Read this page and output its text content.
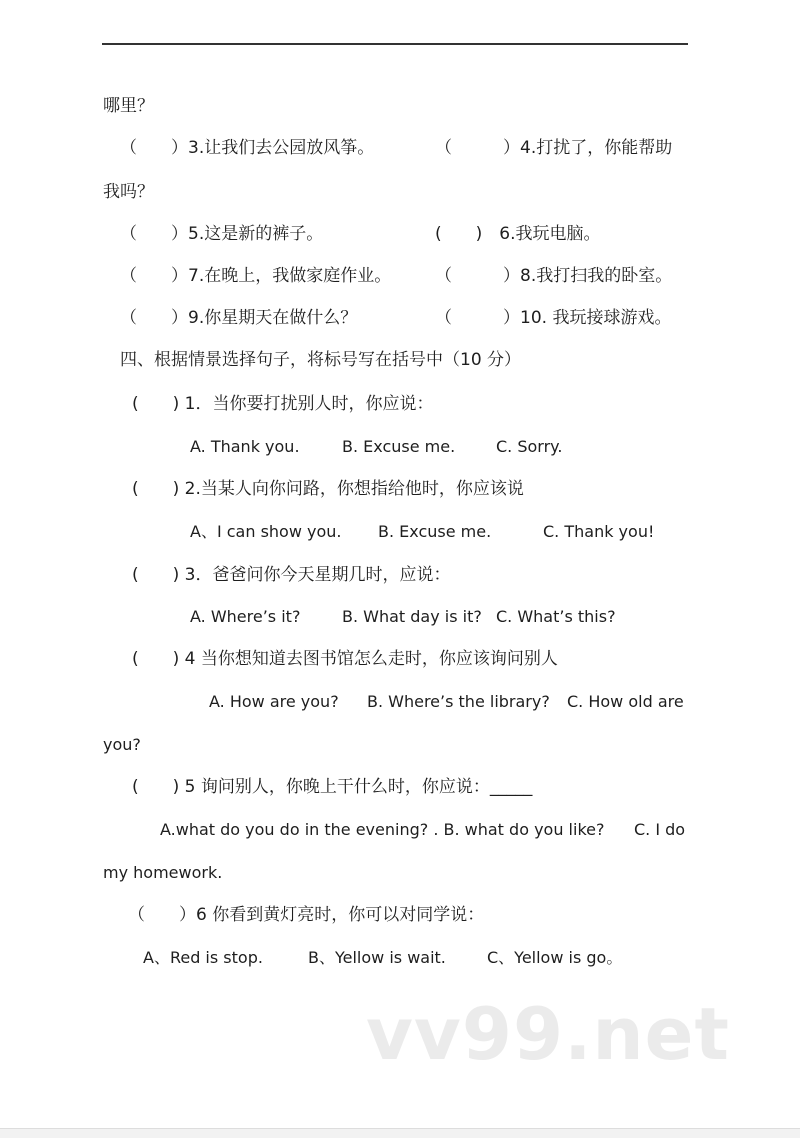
哪里？
（　　）3.让我们去公园放风筝。	（　　　）4.打扰了，你能帮助
我吗？
（　　）5.这是新的裤子。	(　　)　6.我玩电脑。
（　　）7.在晚上，我做家庭作业。	（　　　）8.我打扫我的卧室。
（　　）9.你星期天在做什么？	（　　　）10. 我玩接球游戏。
四、根据情景选择句子，将标号写在括号中（10 分）
(　　) 1．当你要打扰别人时，你应说：
A. Thank you.	B. Excuse me.	C. Sorry.
(　　) 2.当某人向你问路，你想指给他时，你应该说
A、I can show you. B. Excuse me.	C. Thank you!
(　　) 3．爸爸问你今天星期几时，应说：
A. Where’s it?	B. What day is it? C. What’s this?
(　　) 4 当你想知道去图书馆怎么走时，你应该询问别人
A. How are you? B. Where’s the library? C. How old are
you?
(　　) 5 询问别人，你晚上干什么时，你应说：_____
A.what do you do in the evening? . B. what do you like? C. I do
my homework.
（　　）6 你看到黄灯亮时，你可以对同学说：
A、Red is stop.	B、Yellow is wait.	C、Yellow is go。
vv99.net
